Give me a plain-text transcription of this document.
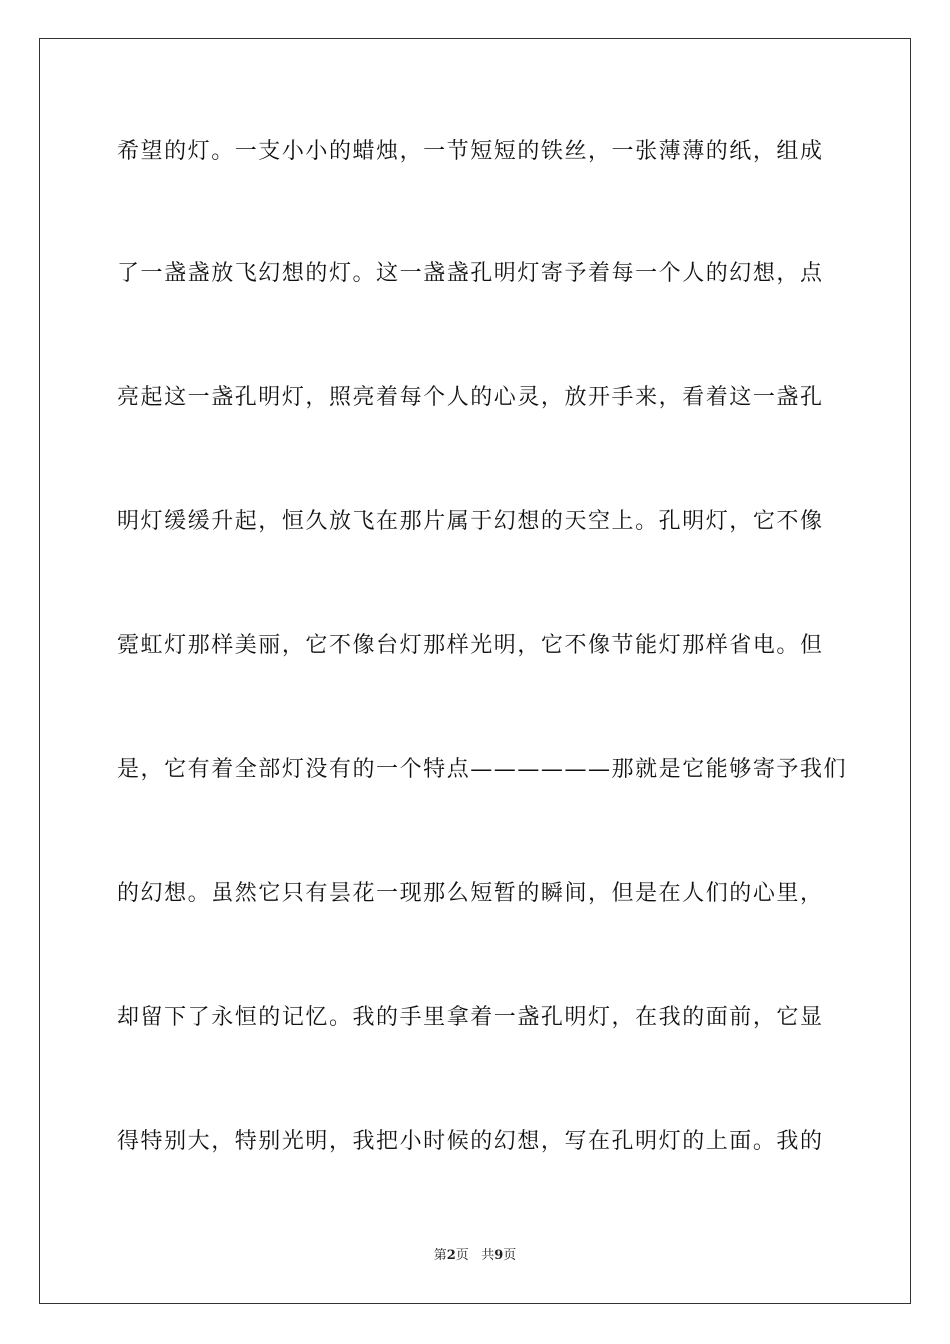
希望的灯。一支小小的蜡烛，一节短短的铁丝，一张薄薄的纸，组成
了一盏盏放飞幻想的灯。这一盏盏孔明灯寄予着每一个人的幻想，点
亮起这一盏孔明灯，照亮着每个人的心灵，放开手来，看着这一盏孔
明灯缓缓升起，恒久放飞在那片属于幻想的天空上。孔明灯，它不像
霓虹灯那样美丽，它不像台灯那样光明，它不像节能灯那样省电。但
是，它有着全部灯没有的一个特点——————那就是它能够寄予我们
的幻想。虽然它只有昙花一现那么短暂的瞬间，但是在人们的心里，
却留下了永恒的记忆。我的手里拿着一盏孔明灯，在我的面前，它显
得特别大，特别光明，我把小时候的幻想，写在孔明灯的上面。我的
第2页 共9页
